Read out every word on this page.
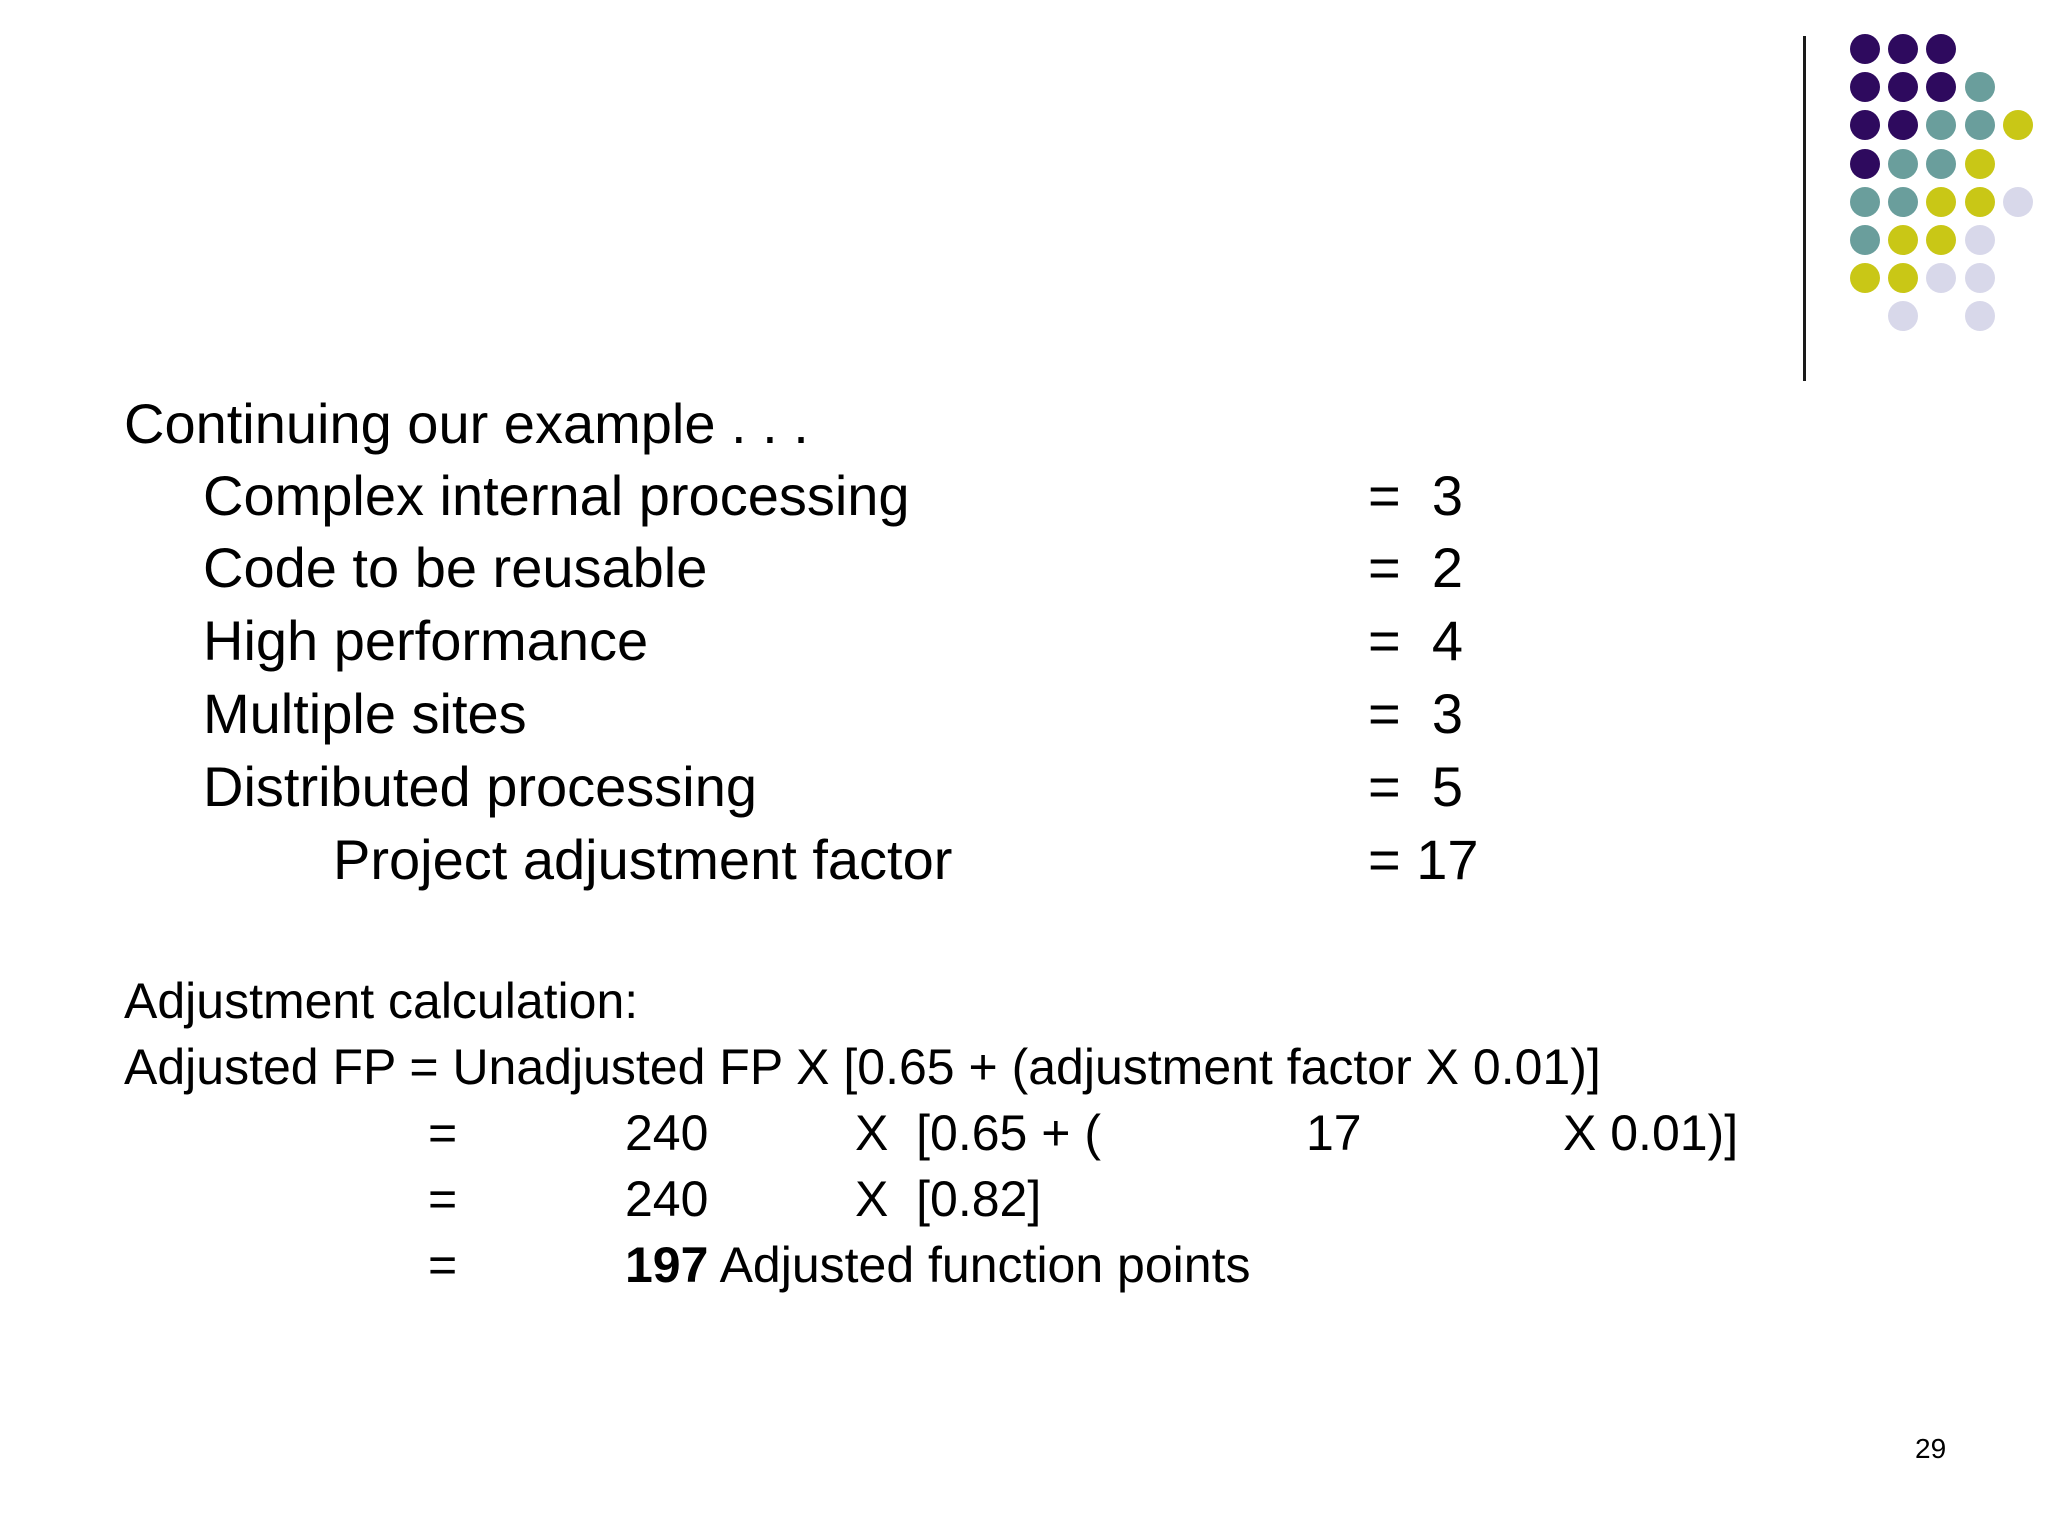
Continuing our example . . .
Complex internal processing	=  3
Code to be reusable	=  2
High performance	=  4
Multiple sites	=  3
Distributed processing	=  5
Project adjustment factor	= 17
Adjustment calculation:
Adjusted FP = Unadjusted FP X [0.65 + (adjustment factor X 0.01)]
=	240	X  [0.65 + (	17	X 0.01)]
=	240	X  [0.82]
=	197 Adjusted function points
29
